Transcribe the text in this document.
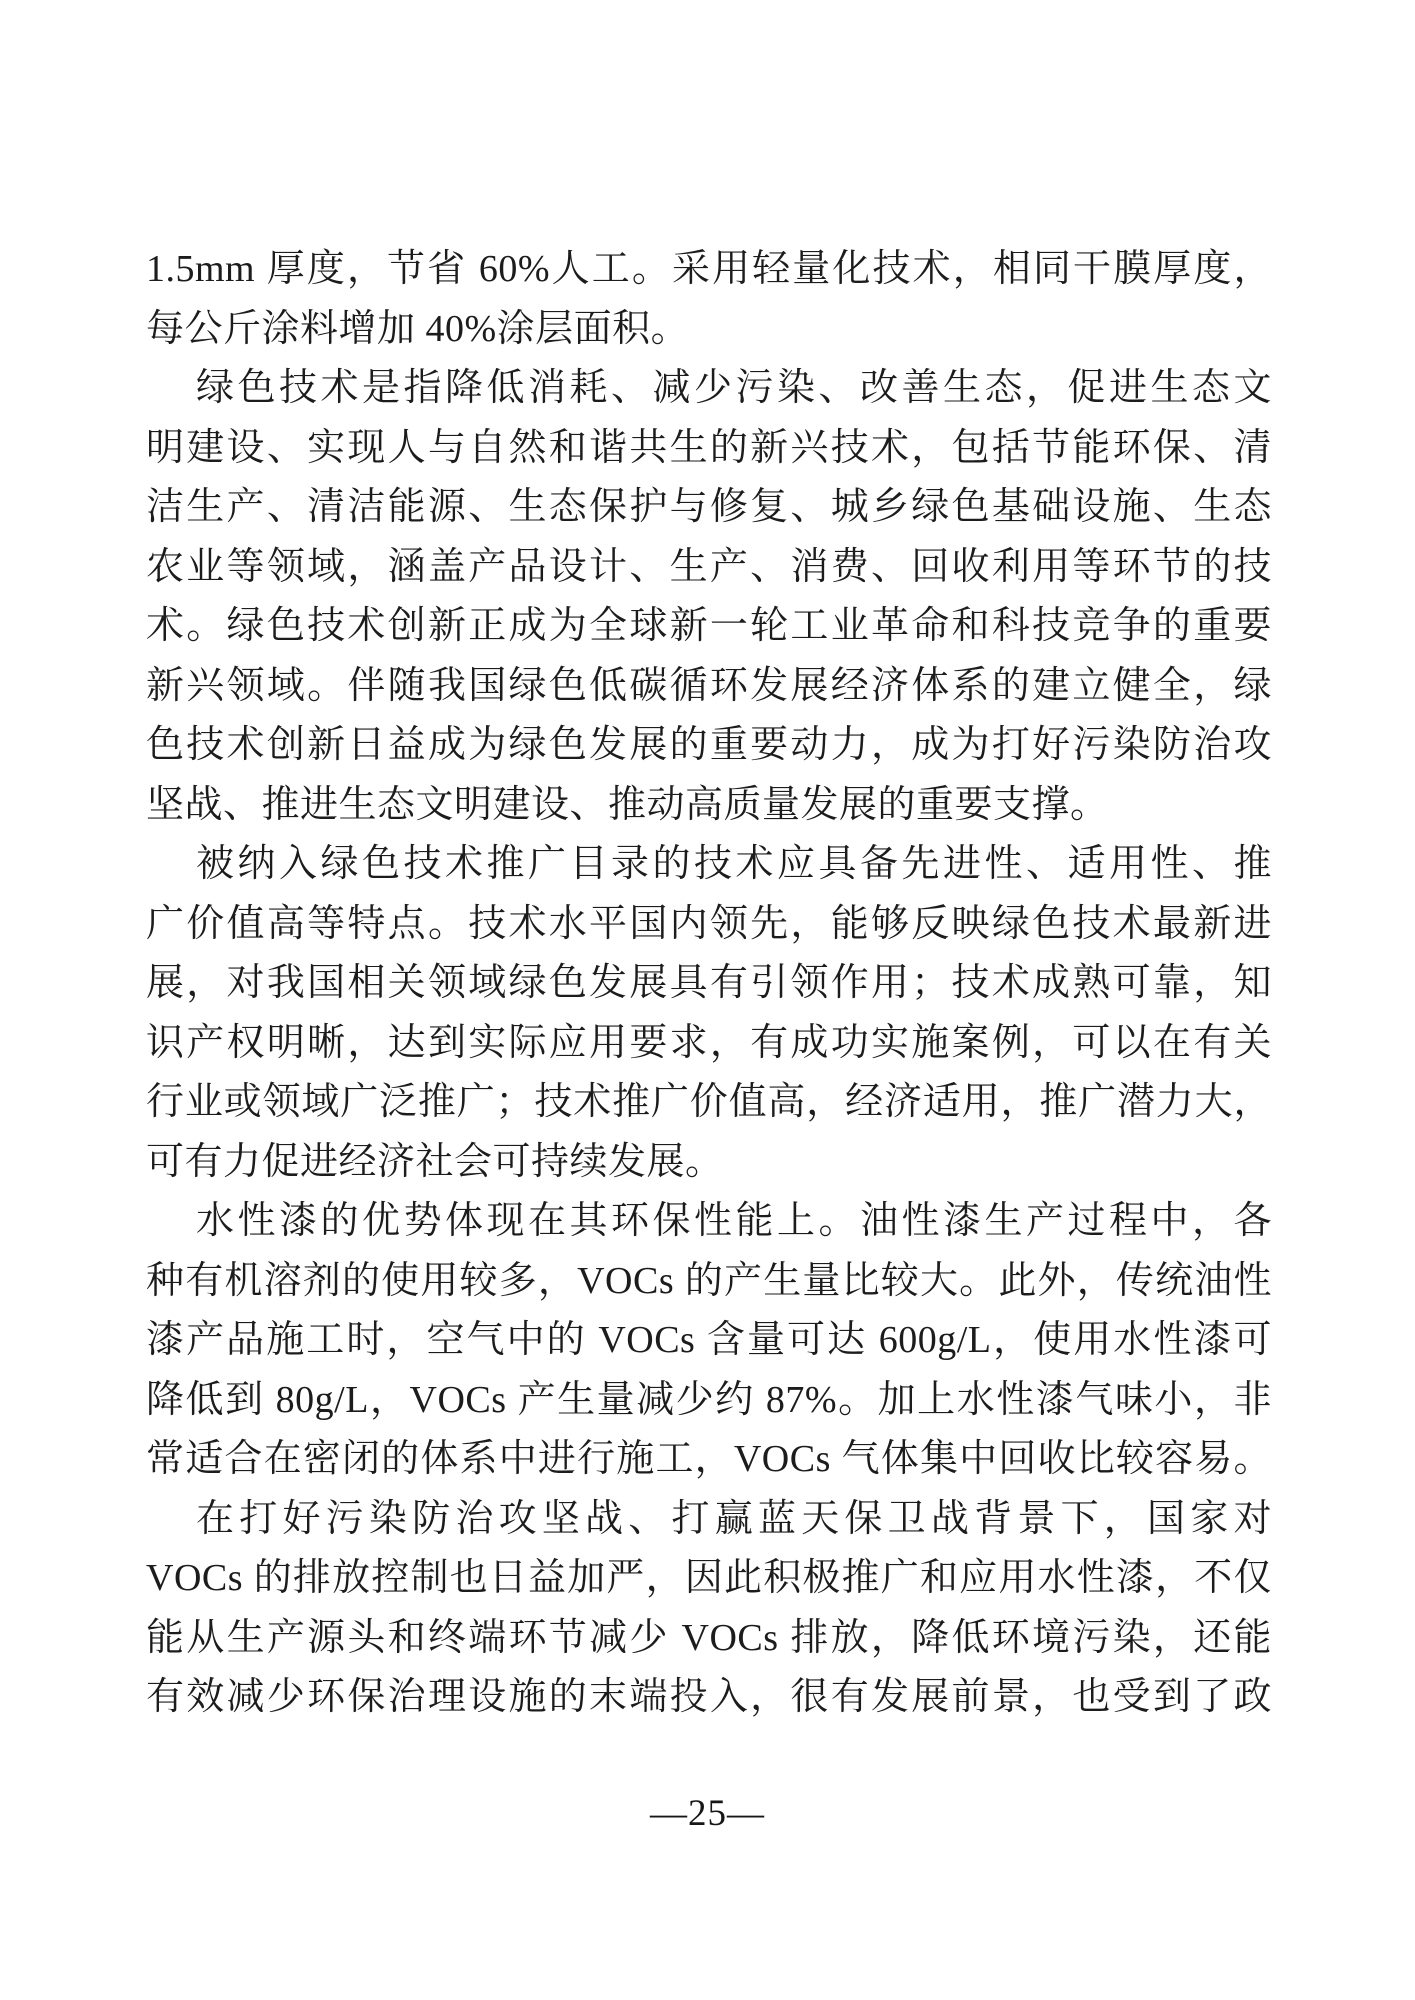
1.5mm 厚度，节省 60%人工。采用轻量化技术，相同干膜厚度，
每公斤涂料增加 40%涂层面积。
绿色技术是指降低消耗、减少污染、改善生态，促进生态文
明建设、实现人与自然和谐共生的新兴技术，包括节能环保、清
洁生产、清洁能源、生态保护与修复、城乡绿色基础设施、生态
农业等领域，涵盖产品设计、生产、消费、回收利用等环节的技
术。绿色技术创新正成为全球新一轮工业革命和科技竞争的重要
新兴领域。伴随我国绿色低碳循环发展经济体系的建立健全，绿
色技术创新日益成为绿色发展的重要动力，成为打好污染防治攻
坚战、推进生态文明建设、推动高质量发展的重要支撑。
被纳入绿色技术推广目录的技术应具备先进性、适用性、推
广价值高等特点。技术水平国内领先，能够反映绿色技术最新进
展，对我国相关领域绿色发展具有引领作用；技术成熟可靠，知
识产权明晰，达到实际应用要求，有成功实施案例，可以在有关
行业或领域广泛推广；技术推广价值高，经济适用，推广潜力大，
可有力促进经济社会可持续发展。
水性漆的优势体现在其环保性能上。油性漆生产过程中，各
种有机溶剂的使用较多，VOCs 的产生量比较大。此外，传统油性
漆产品施工时，空气中的 VOCs 含量可达 600g/L，使用水性漆可
降低到 80g/L，VOCs 产生量减少约 87%。加上水性漆气味小，非
常适合在密闭的体系中进行施工，VOCs 气体集中回收比较容易。
在打好污染防治攻坚战、打赢蓝天保卫战背景下，国家对
VOCs 的排放控制也日益加严，因此积极推广和应用水性漆，不仅
能从生产源头和终端环节减少 VOCs 排放，降低环境污染，还能
有效减少环保治理设施的末端投入，很有发展前景，也受到了政
—25—
